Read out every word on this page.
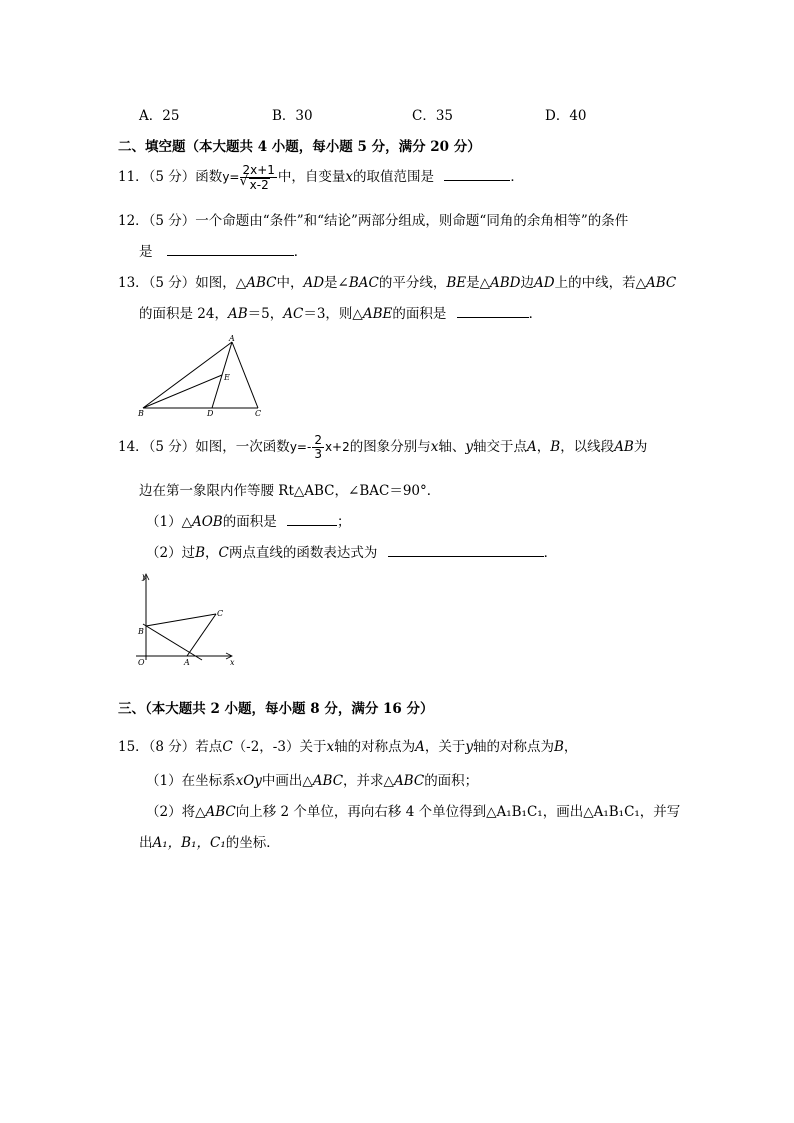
A．25	B．30	C．35	D．40
二、填空题（本大题共 4 小题，每小题 5 分，满分 20 分）
11．（5 分）函数y= 2x+1
√ x-2 中，自变量x的取值范围是	．
12．（5 分）一个命题由“条件”和“结论”两部分组成，则命题“同角的余角相等”的条件
是	．
13．（5 分）如图，△ABC中，AD是∠BAC的平分线，BE是△ABD边AD上的中线，若△ABC
的面积是 24，AB＝5，AC＝3，则△ABE的面积是	．
A
B	C
D
E
14．（5 分）如图，一次函数$y=- \frac{2}{3} x+2$的图象分别与x轴、y轴交于点A，B，以线段AB为
边在第一象限内作等腰 Rt△ABC，∠BAC＝90°．
（1）△AOB的面积是	；
（2）过B，C两点直线的函数表达式为	．
y
x
O	A
B
C
三、（本大题共 2 小题，每小题 8 分，满分 16 分）
15．（8 分）若点C（-2，-3）关于x轴的对称点为A，关于y轴的对称点为B，
（1）在坐标系xOy中画出△ABC，并求△ABC的面积；
（2）将△ABC向上移 2 个单位，再向右移 4 个单位得到△A₁B₁C₁，画出△A₁B₁C₁，并写
出A₁，B₁，C₁的坐标．
